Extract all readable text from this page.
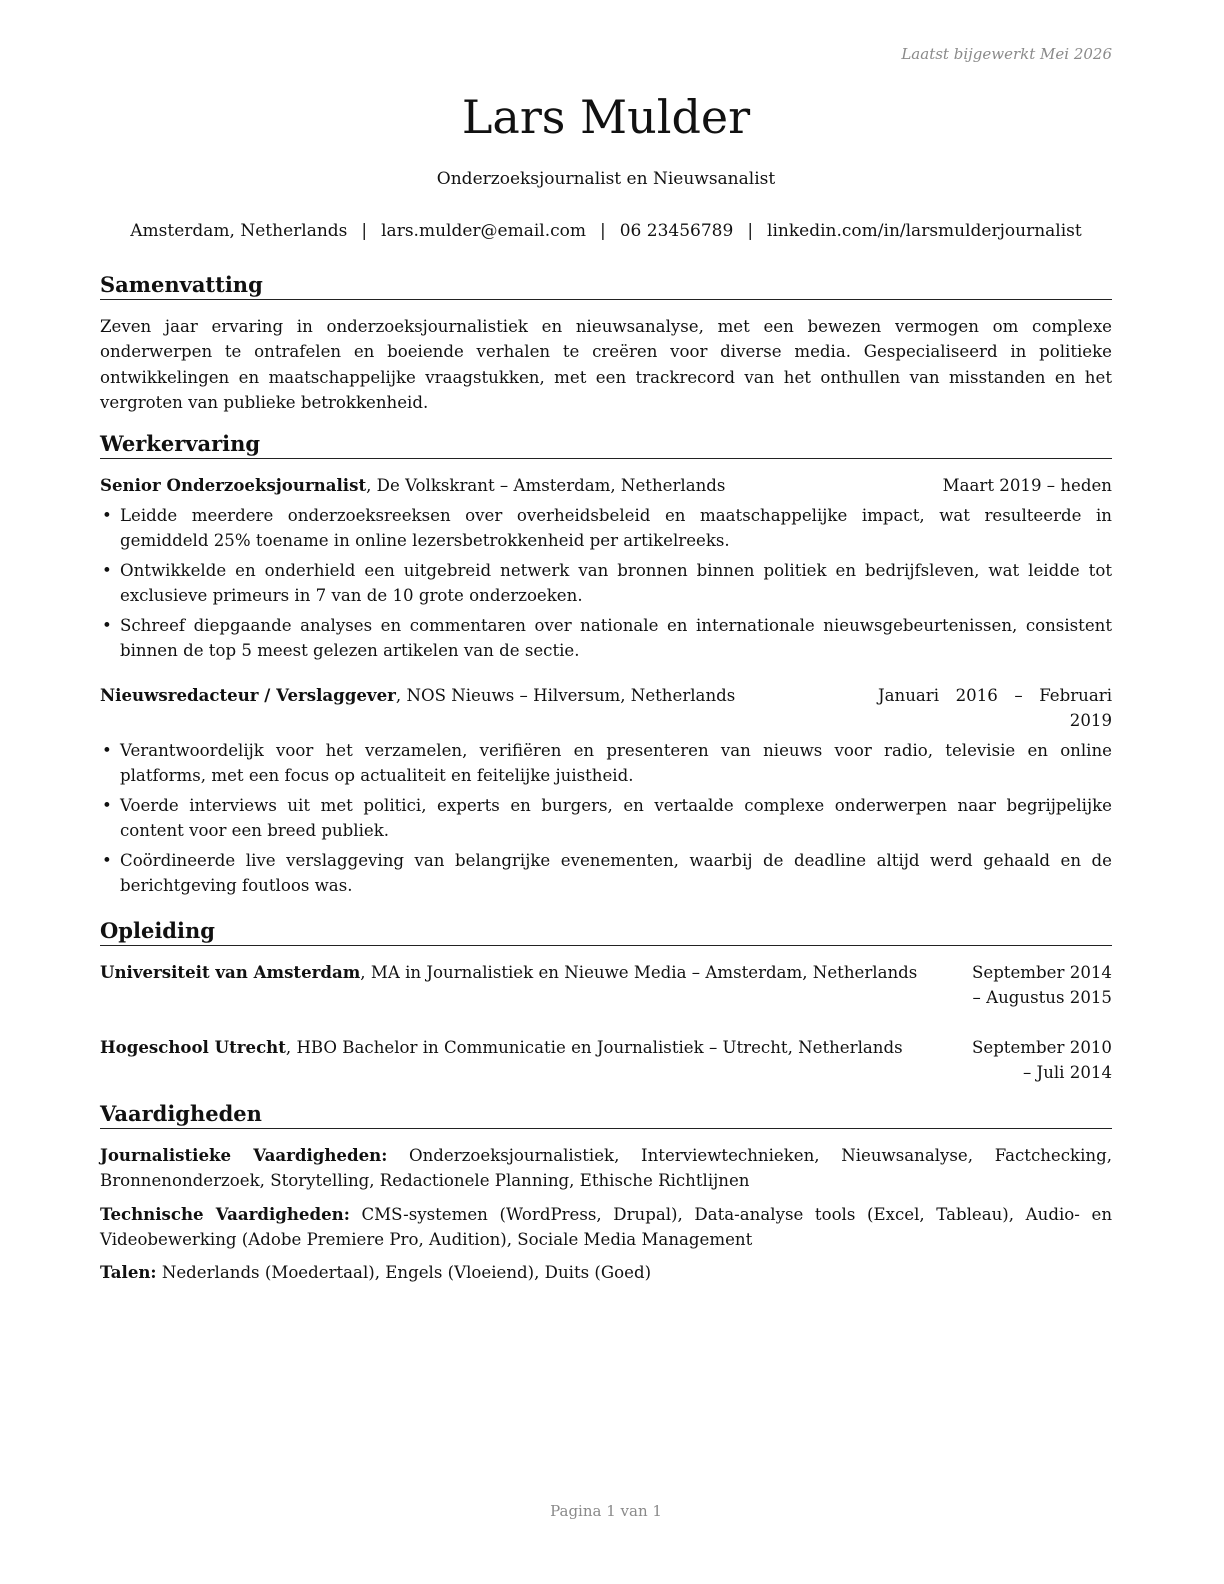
Laatst bijgewerkt Mei 2026
Lars Mulder
Onderzoeksjournalist en Nieuwsanalist
Amsterdam, Netherlands | lars.mulder@email.com | 06 23456789 | linkedin.com/in/larsmulderjournalist
Samenvatting

Zeven jaar ervaring in onderzoeksjournalistiek en nieuwsanalyse, met een bewezen vermogen om complexe onderwerpen te ontrafelen en boeiende verhalen te creëren voor diverse media. Gespecialiseerd in politieke ontwikkelingen en maatschappelijke vraagstukken, met een trackrecord van het onthullen van misstanden en het vergroten van publieke betrokkenheid.

Werkervaring
Senior Onderzoeksjournalist, De Volkskrant – Amsterdam, Netherlands	Maart 2019 – heden
• Leidde meerdere onderzoeksreeksen over overheidsbeleid en maatschappelijke impact, wat resulteerde in gemiddeld 25% toename in online lezersbetrokkenheid per artikelreeks.
• Ontwikkelde en onderhield een uitgebreid netwerk van bronnen binnen politiek en bedrijfsleven, wat leidde tot exclusieve primeurs in 7 van de 10 grote onderzoeken.
• Schreef diepgaande analyses en commentaren over nationale en internationale nieuwsgebeurtenissen, consistent binnen de top 5 meest gelezen artikelen van de sectie.
Nieuwsredacteur / Verslaggever, NOS Nieuws – Hilversum, Netherlands	Januari 2016 – Februari 2019
• Verantwoordelijk voor het verzamelen, verifiëren en presenteren van nieuws voor radio, televisie en online platforms, met een focus op actualiteit en feitelijke juistheid.
• Voerde interviews uit met politici, experts en burgers, en vertaalde complexe onderwerpen naar begrijpelijke content voor een breed publiek.
• Coördineerde live verslaggeving van belangrijke evenementen, waarbij de deadline altijd werd gehaald en de berichtgeving foutloos was.
Opleiding
Universiteit van Amsterdam, MA in Journalistiek en Nieuwe Media – Amsterdam, Netherlands	September 2014 – Augustus 2015
Hogeschool Utrecht, HBO Bachelor in Communicatie en Journalistiek – Utrecht, Netherlands	September 2010 – Juli 2014
Vaardigheden

Journalistieke Vaardigheden: Onderzoeksjournalistiek, Interviewtechnieken, Nieuwsanalyse, Factchecking, Bronnenonderzoek, Storytelling, Redactionele Planning, Ethische Richtlijnen

Technische Vaardigheden: CMS-systemen (WordPress, Drupal), Data-analyse tools (Excel, Tableau), Audio- en Videobewerking (Adobe Premiere Pro, Audition), Sociale Media Management

Talen: Nederlands (Moedertaal), Engels (Vloeiend), Duits (Goed)

Pagina 1 van 1
